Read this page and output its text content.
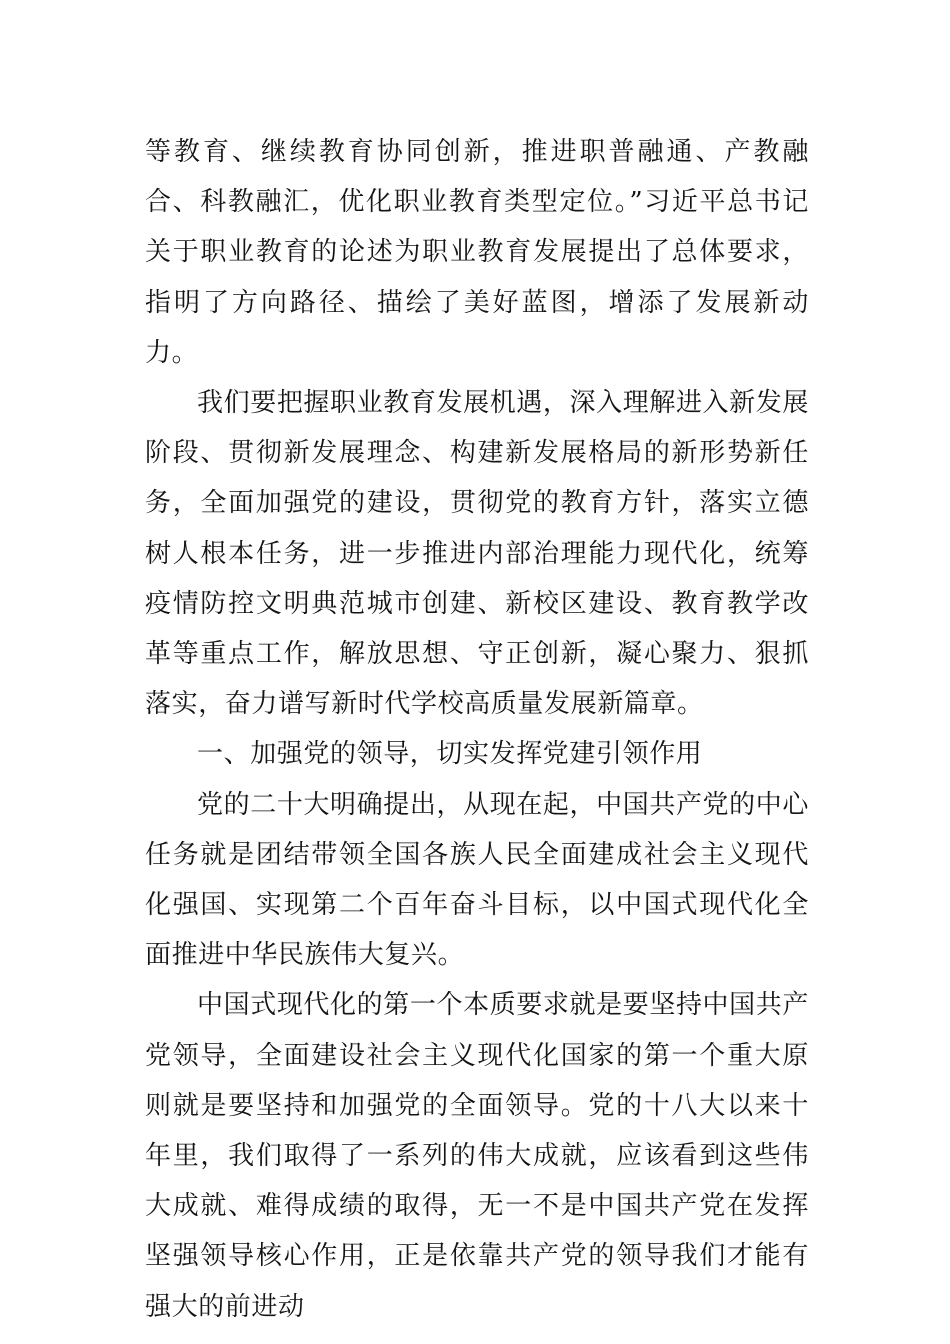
等教育、继续教育协同创新，推进职普融通、产教融合、科教融汇，优化职业教育类型定位。”习近平总书记关于职业教育的论述为职业教育发展提出了总体要求，指明了方向路径、描绘了美好蓝图，增添了发展新动力。

我们要把握职业教育发展机遇，深入理解进入新发展阶段、贯彻新发展理念、构建新发展格局的新形势新任务，全面加强党的建设，贯彻党的教育方针，落实立德树人根本任务，进一步推进内部治理能力现代化，统筹疫情防控文明典范城市创建、新校区建设、教育教学改革等重点工作，解放思想、守正创新，凝心聚力、狠抓落实，奋力谱写新时代学校高质量发展新篇章。

一、加强党的领导，切实发挥党建引领作用

党的二十大明确提出，从现在起，中国共产党的中心任务就是团结带领全国各族人民全面建成社会主义现代化强国、实现第二个百年奋斗目标，以中国式现代化全面推进中华民族伟大复兴。

中国式现代化的第一个本质要求就是要坚持中国共产党领导，全面建设社会主义现代化国家的第一个重大原则就是要坚持和加强党的全面领导。党的十八大以来十年里，我们取得了一系列的伟大成就，应该看到这些伟大成就、难得成绩的取得，无一不是中国共产党在发挥坚强领导核心作用，正是依靠共产党的领导我们才能有强大的前进动
